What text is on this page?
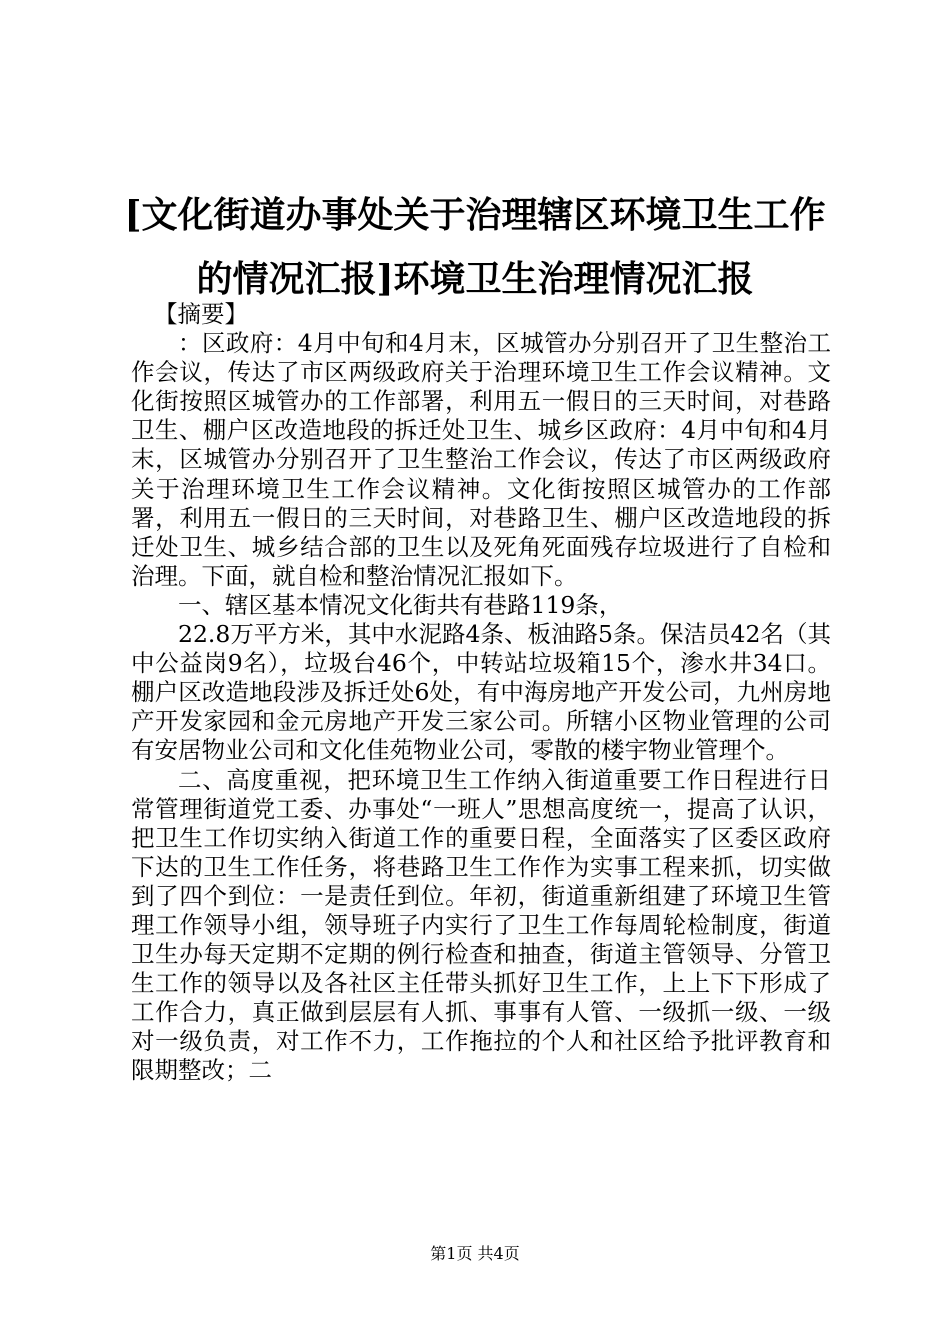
[文化街道办事处关于治理辖区环境卫生工作
的情况汇报]环境卫生治理情况汇报

【摘要】

：区政府：4月中旬和4月末，区城管办分别召开了卫生整治工作会议，传达了市区两级政府关于治理环境卫生工作会议精神。文化街按照区城管办的工作部署，利用五一假日的三天时间，对巷路卫生、棚户区改造地段的拆迁处卫生、城乡区政府：4月中旬和4月末，区城管办分别召开了卫生整治工作会议，传达了市区两级政府关于治理环境卫生工作会议精神。文化街按照区城管办的工作部署，利用五一假日的三天时间，对巷路卫生、棚户区改造地段的拆迁处卫生、城乡结合部的卫生以及死角死面残存垃圾进行了自检和治理。下面，就自检和整治情况汇报如下。

一、辖区基本情况文化街共有巷路119条，

22.8万平方米，其中水泥路4条、板油路5条。保洁员42名（其中公益岗9名），垃圾台46个，中转站垃圾箱15个，渗水井34口。棚户区改造地段涉及拆迁处6处，有中海房地产开发公司，九州房地产开发家园和金元房地产开发三家公司。所辖小区物业管理的公司有安居物业公司和文化佳苑物业公司，零散的楼宇物业管理个。

二、高度重视，把环境卫生工作纳入街道重要工作日程进行日常管理街道党工委、办事处“一班人”思想高度统一，提高了认识，把卫生工作切实纳入街道工作的重要日程，全面落实了区委区政府下达的卫生工作任务，将巷路卫生工作作为实事工程来抓，切实做到了四个到位：一是责任到位。年初，街道重新组建了环境卫生管理工作领导小组，领导班子内实行了卫生工作每周轮检制度，街道卫生办每天定期不定期的例行检查和抽查，街道主管领导、分管卫生工作的领导以及各社区主任带头抓好卫生工作，上上下下形成了工作合力，真正做到层层有人抓、事事有人管、一级抓一级、一级对一级负责，对工作不力，工作拖拉的个人和社区给予批评教育和限期整改；二

第1页 共4页
